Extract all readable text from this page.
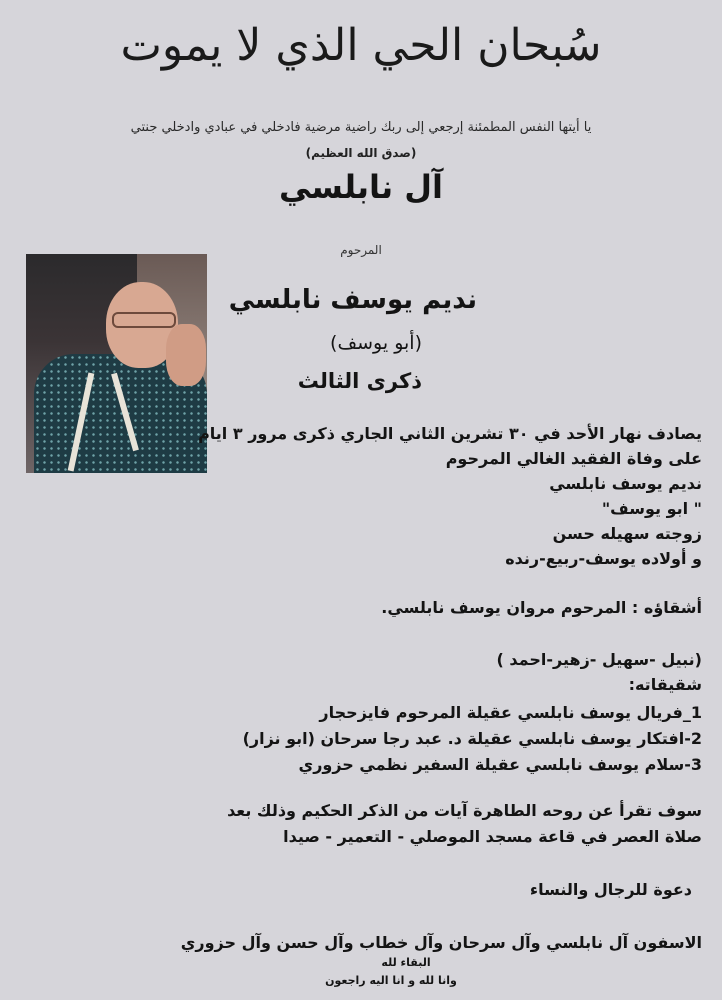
سُبحان الحي الذي لا يموت
يا أيتها النفس المطمئنة إرجعي إلى ربك راضية مرضية فادخلي في عبادي وادخلي جنتي
(صدق الله العظيم)
آل نابلسي
المرحوم
نديم يوسف نابلسي
(أبو يوسف)
ذكرى الثالث
يصادف نهار الأحد في ٣٠ تشرين الثاني الجاري ذكرى مرور ٣ ايام
على وفاة الفقيد الغالي المرحوم
نديم يوسف نابلسي
" ابو يوسف"
زوجته سهيله حسن
و أولاده يوسف-ربيع-رنده
أشقاؤه : المرحوم مروان يوسف نابلسي.
(نبيل -سهيل -زهير-احمد )
شقيقاته:
1_فريال يوسف نابلسي عقيلة المرحوم فايزحجار
2-افتكار يوسف نابلسي عقيلة د. عبد رجا سرحان (ابو نزار)
3-سلام يوسف نابلسي عقيلة السفير نظمي حزوري
سوف تقرأ عن روحه الطاهرة آيات من الذكر الحكيم وذلك بعد
صلاة العصر في قاعة مسجد الموصلي - التعمير - صيدا
دعوة للرجال والنساء
الاسفون آل نابلسي وآل سرحان وآل خطاب وآل حسن وآل حزوري
البقاء لله
وانا لله و انا اليه راجعون
